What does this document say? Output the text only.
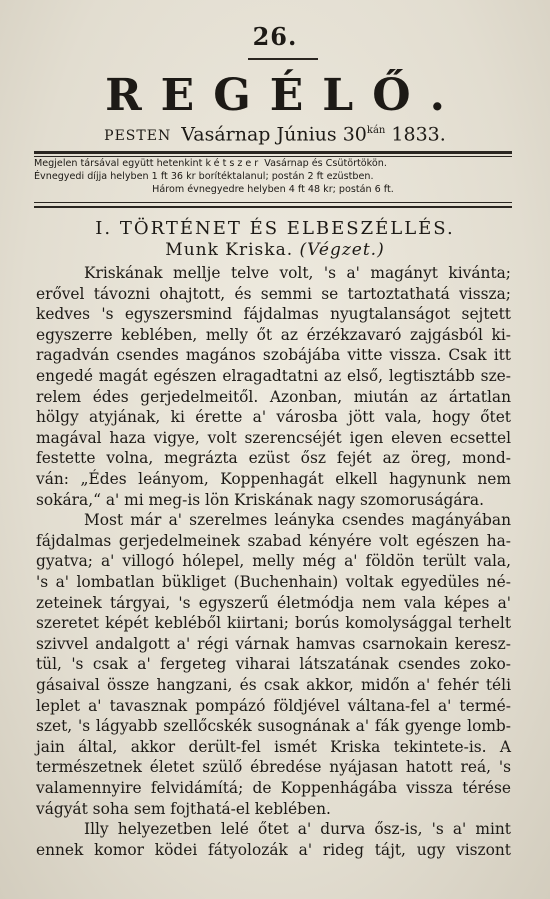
26.
REGÉLŐ.
PESTEN Vasárnap Június $30^{kán}$ 1833.
Megjelen társával együtt hetenkint kétszer Vasárnap és Csütörtökön.
Évnegyedi díjja helyben 1 ft 36 kr borítéktalanul; postán 2 ft ezüstben.
Három évnegyedre helyben 4 ft 48 kr; postán 6 ft.
I. TÖRTÉNET ÉS ELBESZÉLLÉS.
Munk Kriska. (Végzet.)
Kriskának mellje telve volt, 's a' magányt kivánta;
erővel távozni ohajtott, és semmi se tartoztathatá vissza;
kedves 's egyszersmind fájdalmas nyugtalanságot sejtett
egyszerre keblében, melly őt az érzékzavaró zajgásból ki-
ragadván csendes magános szobájába vitte vissza. Csak itt
engedé magát egészen elragadtatni az első, legtisztább sze-
relem édes gerjedelmeitől. Azonban, miután az ártatlan
hölgy atyjának, ki érette a' városba jött vala, hogy őtet
magával haza vigye, volt szerencséjét igen eleven ecsettel
festette volna, megrázta ezüst ősz fejét az öreg, mond-
ván: „Édes leányom, Koppenhagát elkell hagynunk nem
sokára,“ a' mi meg-is lön Kriskának nagy szomoruságára.
Most már a' szerelmes leányka csendes magányában
fájdalmas gerjedelmeinek szabad kényére volt egészen ha-
gyatva; a' villogó hólepel, melly még a' földön terült vala,
's a' lombatlan bükliget (Buchenhain) voltak egyedüles né-
zeteinek tárgyai, 's egyszerű életmódja nem vala képes a'
szeretet képét kebléből kiirtani; borús komolysággal terhelt
szivvel andalgott a' régi várnak hamvas csarnokain keresz-
tül, 's csak a' fergeteg viharai látszatának csendes zoko-
gásaival össze hangzani, és csak akkor, midőn a' fehér téli
leplet a' tavasznak pompázó földjével váltana-fel a' termé-
szet, 's lágyabb szellőcskék susognának a' fák gyenge lomb-
jain által, akkor derült-fel ismét Kriska tekintete-is. A
természetnek életet szülő ébredése nyájasan hatott reá, 's
valamennyire felvidámítá; de Koppenhágába vissza térése
vágyát soha sem fojthatá-el keblében.
Illy helyezetben lelé őtet a' durva ősz-is, 's a' mint
ennek komor ködei fátyolozák a' rideg tájt, ugy viszont
